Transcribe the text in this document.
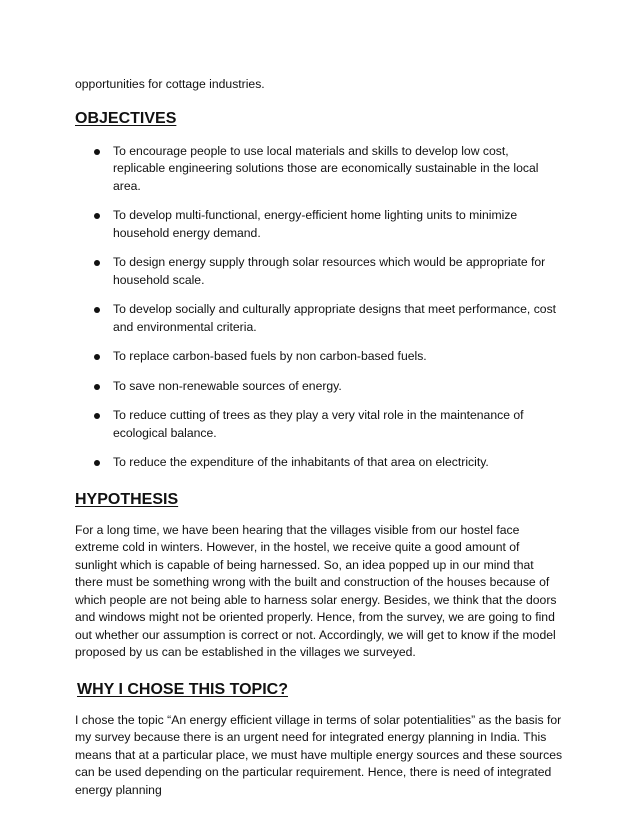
opportunities for cottage industries.

OBJECTIVES
To encourage people to use local materials and skills to develop low cost, replicable engineering solutions those are economically sustainable in the local area.
To develop multi-functional, energy-efficient home lighting units to minimize household energy demand.
To design energy supply through solar resources which would be appropriate for household scale.
To develop socially and culturally appropriate designs that meet performance, cost and environmental criteria.
To replace carbon-based fuels by non carbon-based fuels.
To save non-renewable sources of energy.
To reduce cutting of trees as they play a very vital role in the maintenance of ecological balance.
To reduce the expenditure of the inhabitants of that area on electricity.
HYPOTHESIS

For a long time, we have been hearing that the villages visible from our hostel face extreme cold in winters. However, in the hostel, we receive quite a good amount of sunlight which is capable of being harnessed. So, an idea popped up in our mind that there must be something wrong with the built and construction of the houses because of which people are not being able to harness solar energy. Besides, we think that the doors and windows might not be oriented properly. Hence, from the survey, we are going to find out whether our assumption is correct or not. Accordingly, we will get to know if the model proposed by us can be established in the villages we surveyed.

WHY I CHOSE THIS TOPIC?

I chose the topic “An energy efficient village in terms of solar potentialities” as the basis for my survey because there is an urgent need for integrated energy planning in India. This means that at a particular place, we must have multiple energy sources and these sources can be used depending on the particular requirement. Hence, there is need of integrated energy planning
